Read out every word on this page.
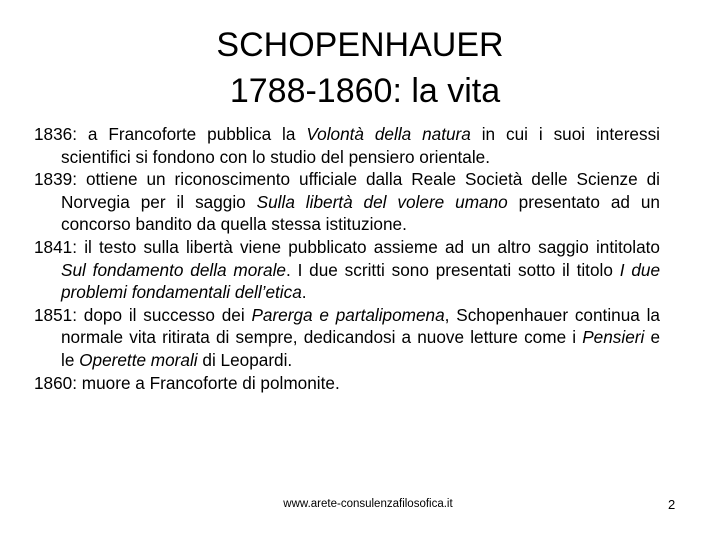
SCHOPENHAUER
1788-1860: la vita

1836: a Francoforte pubblica la Volontà della natura in cui i suoi interessi scientifici si fondono con lo studio del pensiero orientale.

1839: ottiene un riconoscimento ufficiale dalla Reale Società delle Scienze di Norvegia per il saggio Sulla libertà del volere umano presentato ad un concorso bandito da quella stessa istituzione.

1841: il testo sulla libertà viene pubblicato assieme ad un altro saggio intitolato Sul fondamento della morale. I due scritti sono presentati sotto il titolo I due problemi fondamentali dell’etica.

1851: dopo il successo dei Parerga e partalipomena, Schopenhauer continua la normale vita ritirata di sempre, dedicandosi a nuove letture come i Pensieri e le Operette morali di Leopardi.

1860: muore a Francoforte di polmonite.

www.arete-consulenzafilosofica.it	2
